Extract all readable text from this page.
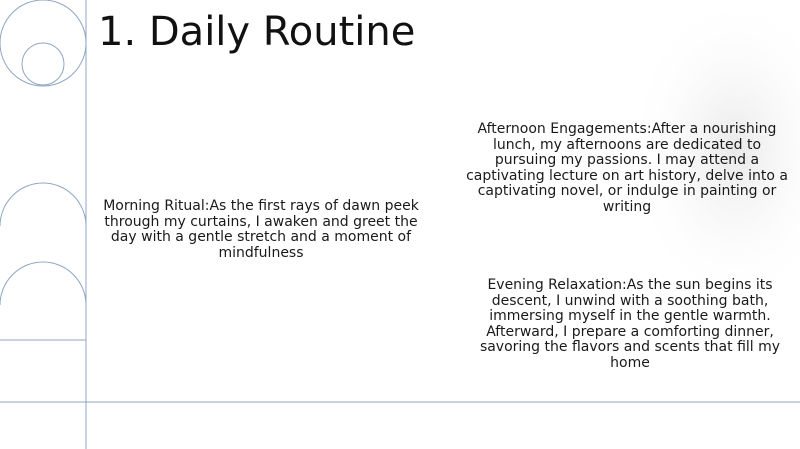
1. Daily Routine

Morning Ritual:As the first rays of dawn peek through my curtains, I awaken and greet the day with a gentle stretch and a moment of mindfulness

Afternoon Engagements:After a nourishing lunch, my afternoons are dedicated to pursuing my passions. I may attend a captivating lecture on art history, delve into a captivating novel, or indulge in painting or writing

Evening Relaxation:As the sun begins its descent, I unwind with a soothing bath, immersing myself in the gentle warmth. Afterward, I prepare a comforting dinner, savoring the flavors and scents that fill my home
